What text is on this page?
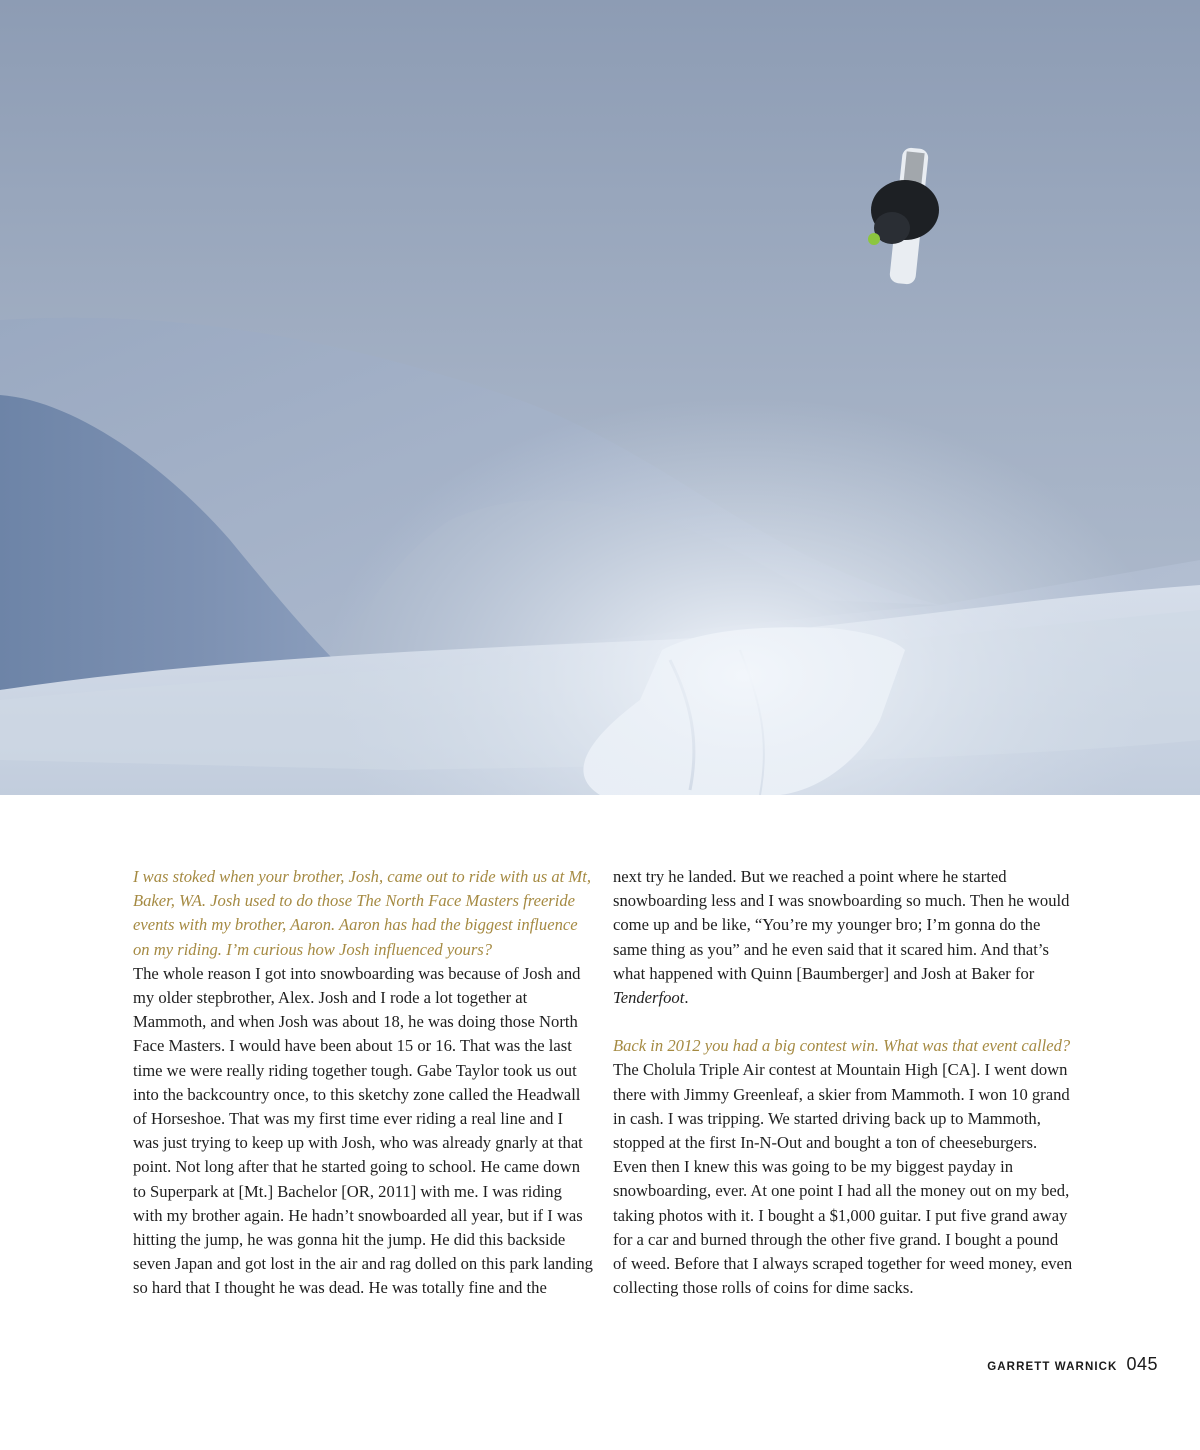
I was stoked when your brother, Josh, came out to ride with us at Mt, Baker, WA. Josh used to do those The North Face Masters freeride events with my brother, Aaron. Aaron has had the biggest influence on my riding. I’m curious how Josh influenced yours?

The whole reason I got into snowboarding was because of Josh and my older stepbrother, Alex. Josh and I rode a lot together at Mammoth, and when Josh was about 18, he was doing those North Face Masters. I would have been about 15 or 16. That was the last time we were really riding together tough. Gabe Taylor took us out into the backcountry once, to this sketchy zone called the Headwall of Horseshoe. That was my first time ever riding a real line and I was just trying to keep up with Josh, who was already gnarly at that point. Not long after that he started going to school. He came down to Superpark at [Mt.] Bachelor [OR, 2011] with me. I was riding with my brother again. He hadn’t snowboarded all year, but if I was hitting the jump, he was gonna hit the jump. He did this backside seven Japan and got lost in the air and rag dolled on this park landing so hard that I thought he was dead. He was totally fine and the

next try he landed. But we reached a point where he started snowboarding less and I was snowboarding so much. Then he would come up and be like, “You’re my younger bro; I’m gonna do the same thing as you” and he even said that it scared him. And that’s what happened with Quinn [Baumberger] and Josh at Baker for Tenderfoot.

Back in 2012 you had a big contest win. What was that event called?

The Cholula Triple Air contest at Mountain High [CA]. I went down there with Jimmy Greenleaf, a skier from Mammoth. I won 10 grand in cash. I was tripping. We started driving back up to Mammoth, stopped at the first In-N-Out and bought a ton of cheeseburgers. Even then I knew this was going to be my biggest payday in snowboarding, ever. At one point I had all the money out on my bed, taking photos with it. I bought a $1,000 guitar. I put five grand away for a car and burned through the other five grand. I bought a pound of weed. Before that I always scraped together for weed money, even collecting those rolls of coins for dime sacks.

GARRETT WARNICK 045
